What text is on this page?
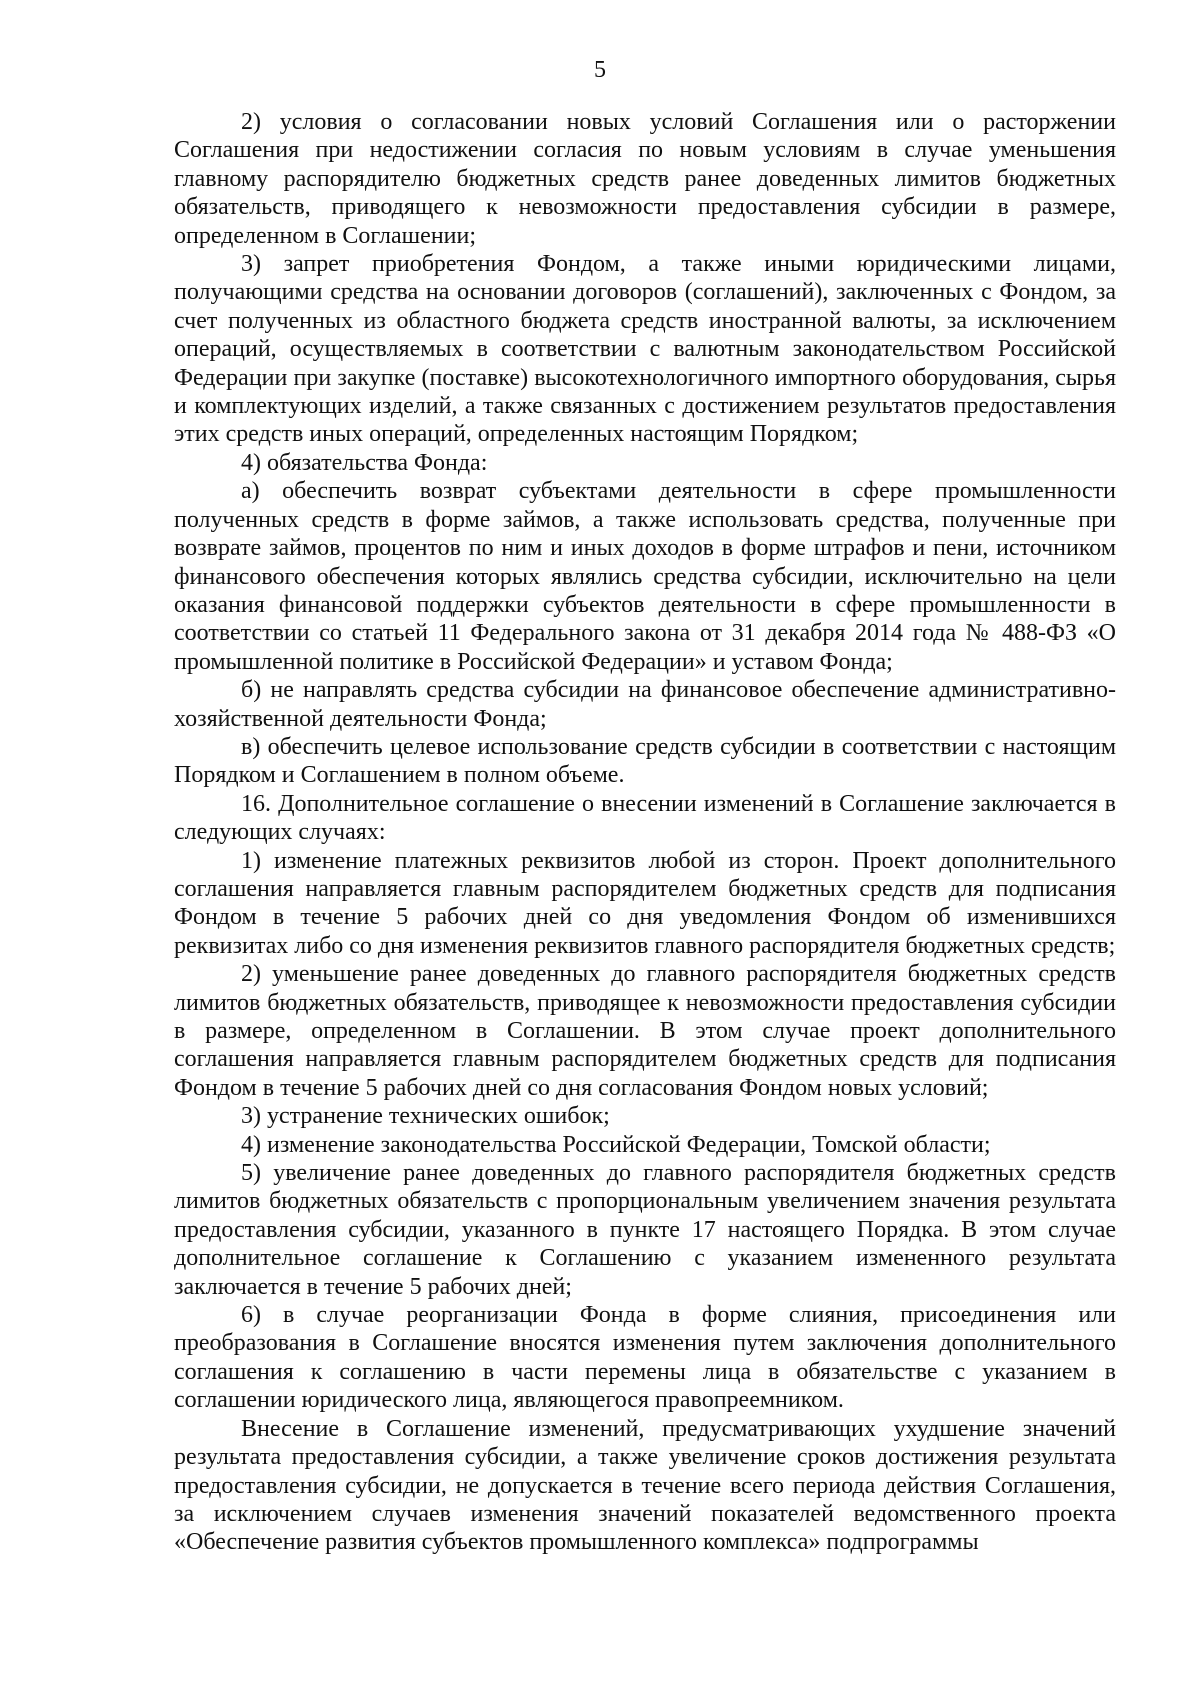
5

2) условия о согласовании новых условий Соглашения или о расторжении Соглашения при недостижении согласия по новым условиям в случае уменьшения главному распорядителю бюджетных средств ранее доведенных лимитов бюджетных обязательств, приводящего к невозможности предоставления субсидии в размере, определенном в Соглашении;

3) запрет приобретения Фондом, а также иными юридическими лицами, получающими средства на основании договоров (соглашений), заключенных с Фондом, за счет полученных из областного бюджета средств иностранной валюты, за исключением операций, осуществляемых в соответствии с валютным законодательством Российской Федерации при закупке (поставке) высокотехнологичного импортного оборудования, сырья и комплектующих изделий, а также связанных с достижением результатов предоставления этих средств иных операций, определенных настоящим Порядком;

4) обязательства Фонда:

а) обеспечить возврат субъектами деятельности в сфере промышленности полученных средств в форме займов, а также использовать средства, полученные при возврате займов, процентов по ним и иных доходов в форме штрафов и пени, источником финансового обеспечения которых являлись средства субсидии, исключительно на цели оказания финансовой поддержки субъектов деятельности в сфере промышленности в соответствии со статьей 11 Федерального закона от 31 декабря 2014 года № 488-ФЗ «О промышленной политике в Российской Федерации» и уставом Фонда;

б) не направлять средства субсидии на финансовое обеспечение административно-хозяйственной деятельности Фонда;

в) обеспечить целевое использование средств субсидии в соответствии с настоящим Порядком и Соглашением в полном объеме.

16. Дополнительное соглашение о внесении изменений в Соглашение заключается в следующих случаях:

1) изменение платежных реквизитов любой из сторон. Проект дополнительного соглашения направляется главным распорядителем бюджетных средств для подписания Фондом в течение 5 рабочих дней со дня уведомления Фондом об изменившихся реквизитах либо со дня изменения реквизитов главного распорядителя бюджетных средств;

2) уменьшение ранее доведенных до главного распорядителя бюджетных средств лимитов бюджетных обязательств, приводящее к невозможности предоставления субсидии в размере, определенном в Соглашении. В этом случае проект дополнительного соглашения направляется главным распорядителем бюджетных средств для подписания Фондом в течение 5 рабочих дней со дня согласования Фондом новых условий;

3) устранение технических ошибок;

4) изменение законодательства Российской Федерации, Томской области;

5) увеличение ранее доведенных до главного распорядителя бюджетных средств лимитов бюджетных обязательств с пропорциональным увеличением значения результата предоставления субсидии, указанного в пункте 17 настоящего Порядка. В этом случае дополнительное соглашение к Соглашению с указанием измененного результата заключается в течение 5 рабочих дней;

6) в случае реорганизации Фонда в форме слияния, присоединения или преобразования в Соглашение вносятся изменения путем заключения дополнительного соглашения к соглашению в части перемены лица в обязательстве с указанием в соглашении юридического лица, являющегося правопреемником.

Внесение в Соглашение изменений, предусматривающих ухудшение значений результата предоставления субсидии, а также увеличение сроков достижения результата предоставления субсидии, не допускается в течение всего периода действия Соглашения, за исключением случаев изменения значений показателей ведомственного проекта «Обеспечение развития субъектов промышленного комплекса» подпрограммы
